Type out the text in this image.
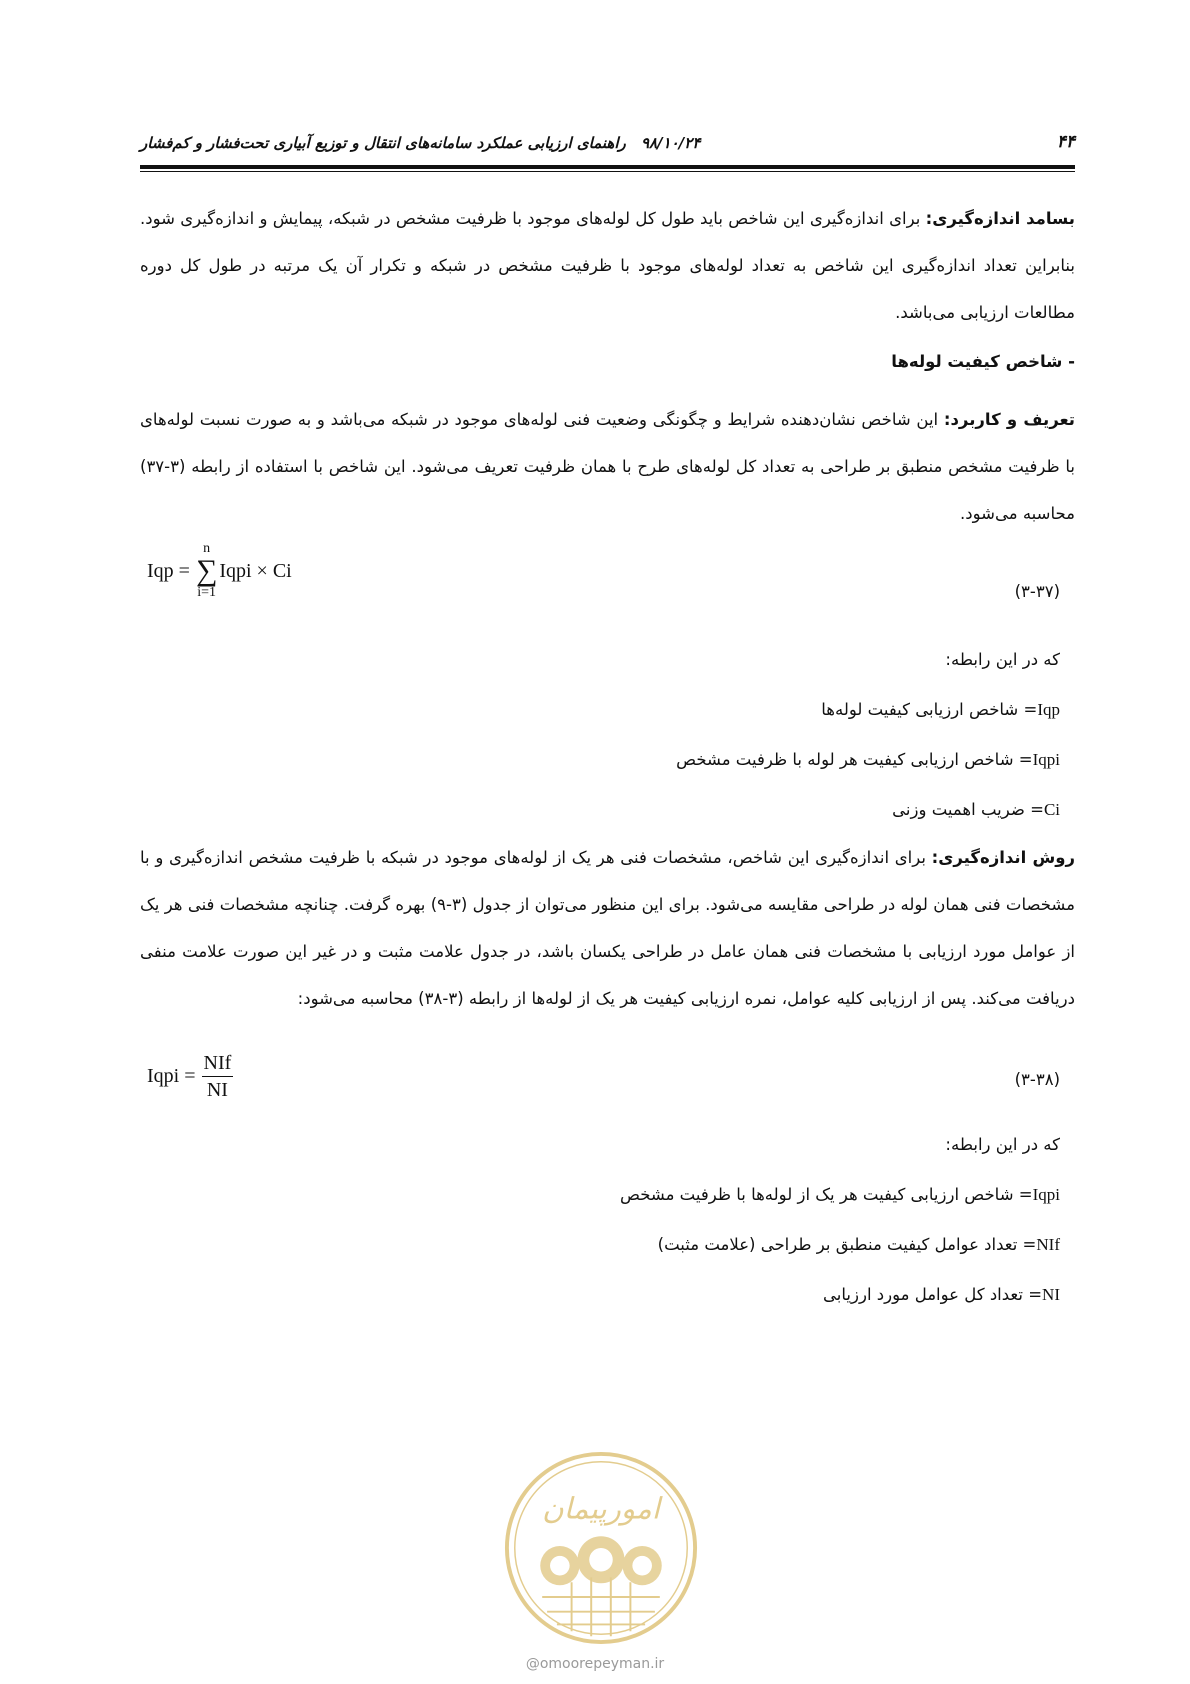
۴۴
۹۸/۱۰/۲۴ راهنمای ارزیابی عملکرد سامانه‌های انتقال و توزیع آبیاری تحت‌فشار و کم‌فشار
بسامد اندازه‌گیری: برای اندازه‌گیری این شاخص باید طول کل لوله‌های موجود با ظرفیت مشخص در شبکه، پیمایش و اندازه‌گیری شود. بنابراین تعداد اندازه‌گیری این شاخص به تعداد لوله‌های موجود با ظرفیت مشخص در شبکه و تکرار آن یک مرتبه در طول کل دوره مطالعات ارزیابی می‌باشد.
- شاخص کیفیت لوله‌ها
تعریف و کاربرد: این شاخص نشان‌دهنده شرایط و چگونگی وضعیت فنی لوله‌های موجود در شبکه می‌باشد و به صورت نسبت لوله‌های با ظرفیت مشخص منطبق بر طراحی به تعداد کل لوله‌های طرح با همان ظرفیت تعریف می‌شود. این شاخص با استفاده از رابطه (۳-۳۷) محاسبه می‌شود.
Iqp =
n
∑
i=1
Iqpi × Ci
(۳-۳۷)
که در این رابطه:
Iqp= شاخص ارزیابی کیفیت لوله‌ها
Iqpi= شاخص ارزیابی کیفیت هر لوله با ظرفیت مشخص
Ci= ضریب اهمیت وزنی
روش اندازه‌گیری: برای اندازه‌گیری این شاخص، مشخصات فنی هر یک از لوله‌های موجود در شبکه با ظرفیت مشخص اندازه‌گیری و با مشخصات فنی همان لوله در طراحی مقایسه می‌شود. برای این منظور می‌توان از جدول (۳-۹) بهره گرفت. چنانچه مشخصات فنی هر یک از عوامل مورد ارزیابی با مشخصات فنی همان عامل در طراحی یکسان باشد، در جدول علامت مثبت و در غیر این صورت علامت منفی دریافت می‌کند. پس از ارزیابی کلیه عوامل، نمره ارزیابی کیفیت هر یک از لوله‌ها از رابطه (۳-۳۸) محاسبه می‌شود:
Iqpi = $\frac{\text{NIf}}{NI}$	(۳-۳۸)
که در این رابطه:
Iqpi= شاخص ارزیابی کیفیت هر یک از لوله‌ها با ظرفیت مشخص
NIf= تعداد عوامل کیفیت منطبق بر طراحی (علامت مثبت)
NI= تعداد کل عوامل مورد ارزیابی
امورپیمان
@omoorepeyman.ir
